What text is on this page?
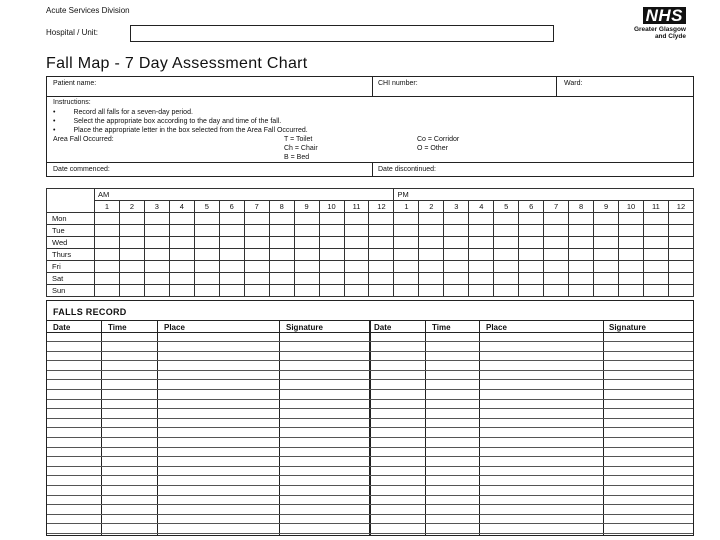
Acute Services Division
Hospital / Unit:
NHS
Greater Glasgow
and Clyde
Fall Map - 7 Day Assessment Chart
Patient name:	CHI number:	Ward:
Instructions:
•	Record all falls for a seven-day period.
•	Select the appropriate box according to the day and time of the fall.
•	Place the appropriate letter in the box selected from the Area Fall Occurred.
Area Fall Occurred:	T = Toilet
Ch = Chair
B = Bed
Co = Corridor
O = Other
Date commenced:	Date discontinued:
	AM												PM											
	1	2	3	4	5	6	7	8	9	10	11	12	1	2	3	4	5	6	7	8	9	10	11	12
Mon																								
Tue																								
Wed																								
Thurs																								
Fri																								
Sat																								
Sun																								
FALLS RECORD
Date	Time	Place	Signature	Date	Time	Place	Signature
